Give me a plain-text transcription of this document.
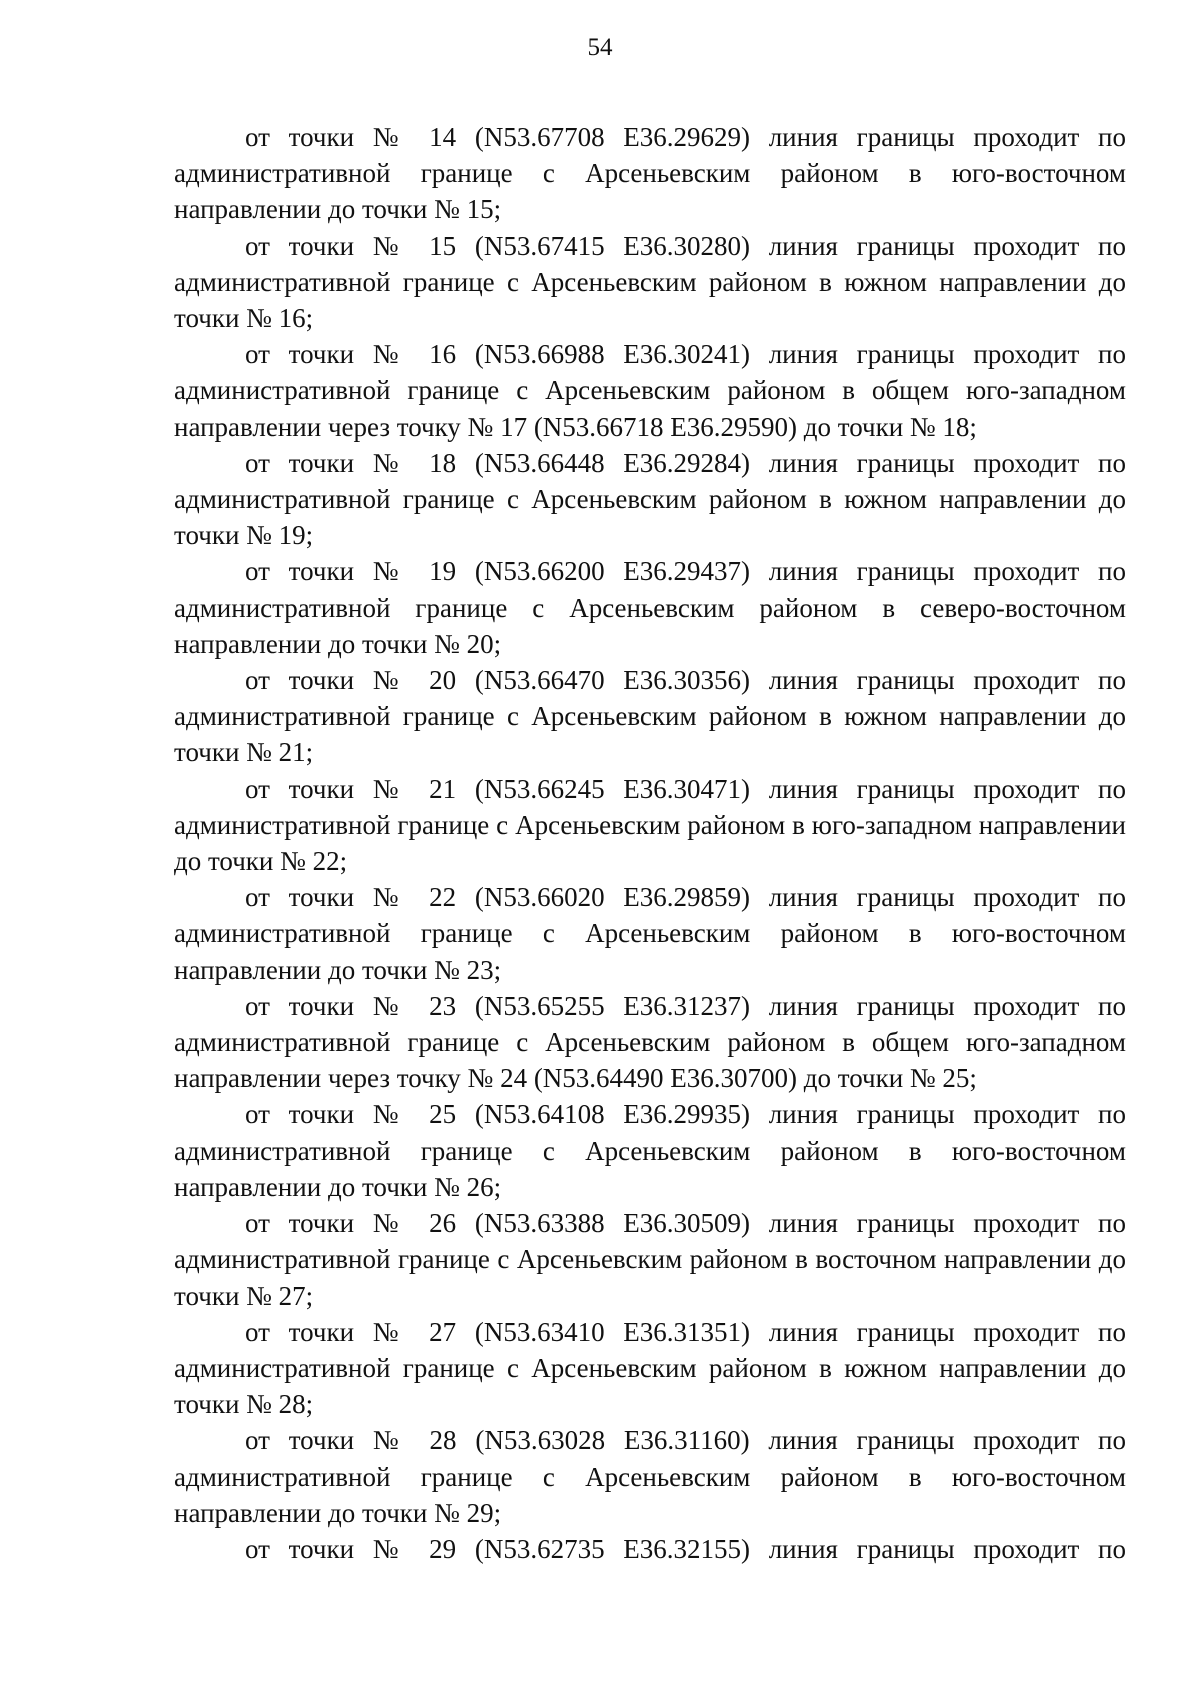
54

от точки № 14 (N53.67708 E36.29629) линия границы проходит по административной границе с Арсеньевским районом в юго-восточном направлении до точки № 15;

от точки № 15 (N53.67415 E36.30280) линия границы проходит по административной границе с Арсеньевским районом в южном направлении до точки № 16;

от точки № 16 (N53.66988 E36.30241) линия границы проходит по административной границе с Арсеньевским районом в общем юго-западном направлении через точку № 17 (N53.66718 E36.29590) до точки № 18;

от точки № 18 (N53.66448 E36.29284) линия границы проходит по административной границе с Арсеньевским районом в южном направлении до точки № 19;

от точки № 19 (N53.66200 E36.29437) линия границы проходит по административной границе с Арсеньевским районом в северо-восточном направлении до точки № 20;

от точки № 20 (N53.66470 E36.30356) линия границы проходит по административной границе с Арсеньевским районом в южном направлении до точки № 21;

от точки № 21 (N53.66245 E36.30471) линия границы проходит по административной границе с Арсеньевским районом в юго-западном направлении до точки № 22;

от точки № 22 (N53.66020 E36.29859) линия границы проходит по административной границе с Арсеньевским районом в юго-восточном направлении до точки № 23;

от точки № 23 (N53.65255 E36.31237) линия границы проходит по административной границе с Арсеньевским районом в общем юго-западном направлении через точку № 24 (N53.64490 E36.30700) до точки № 25;

от точки № 25 (N53.64108 E36.29935) линия границы проходит по административной границе с Арсеньевским районом в юго-восточном направлении до точки № 26;

от точки № 26 (N53.63388 E36.30509) линия границы проходит по административной границе с Арсеньевским районом в восточном направлении до точки № 27;

от точки № 27 (N53.63410 E36.31351) линия границы проходит по административной границе с Арсеньевским районом в южном направлении до точки № 28;

от точки № 28 (N53.63028 E36.31160) линия границы проходит по административной границе с Арсеньевским районом в юго-восточном направлении до точки № 29;

от точки № 29 (N53.62735 E36.32155) линия границы проходит по
